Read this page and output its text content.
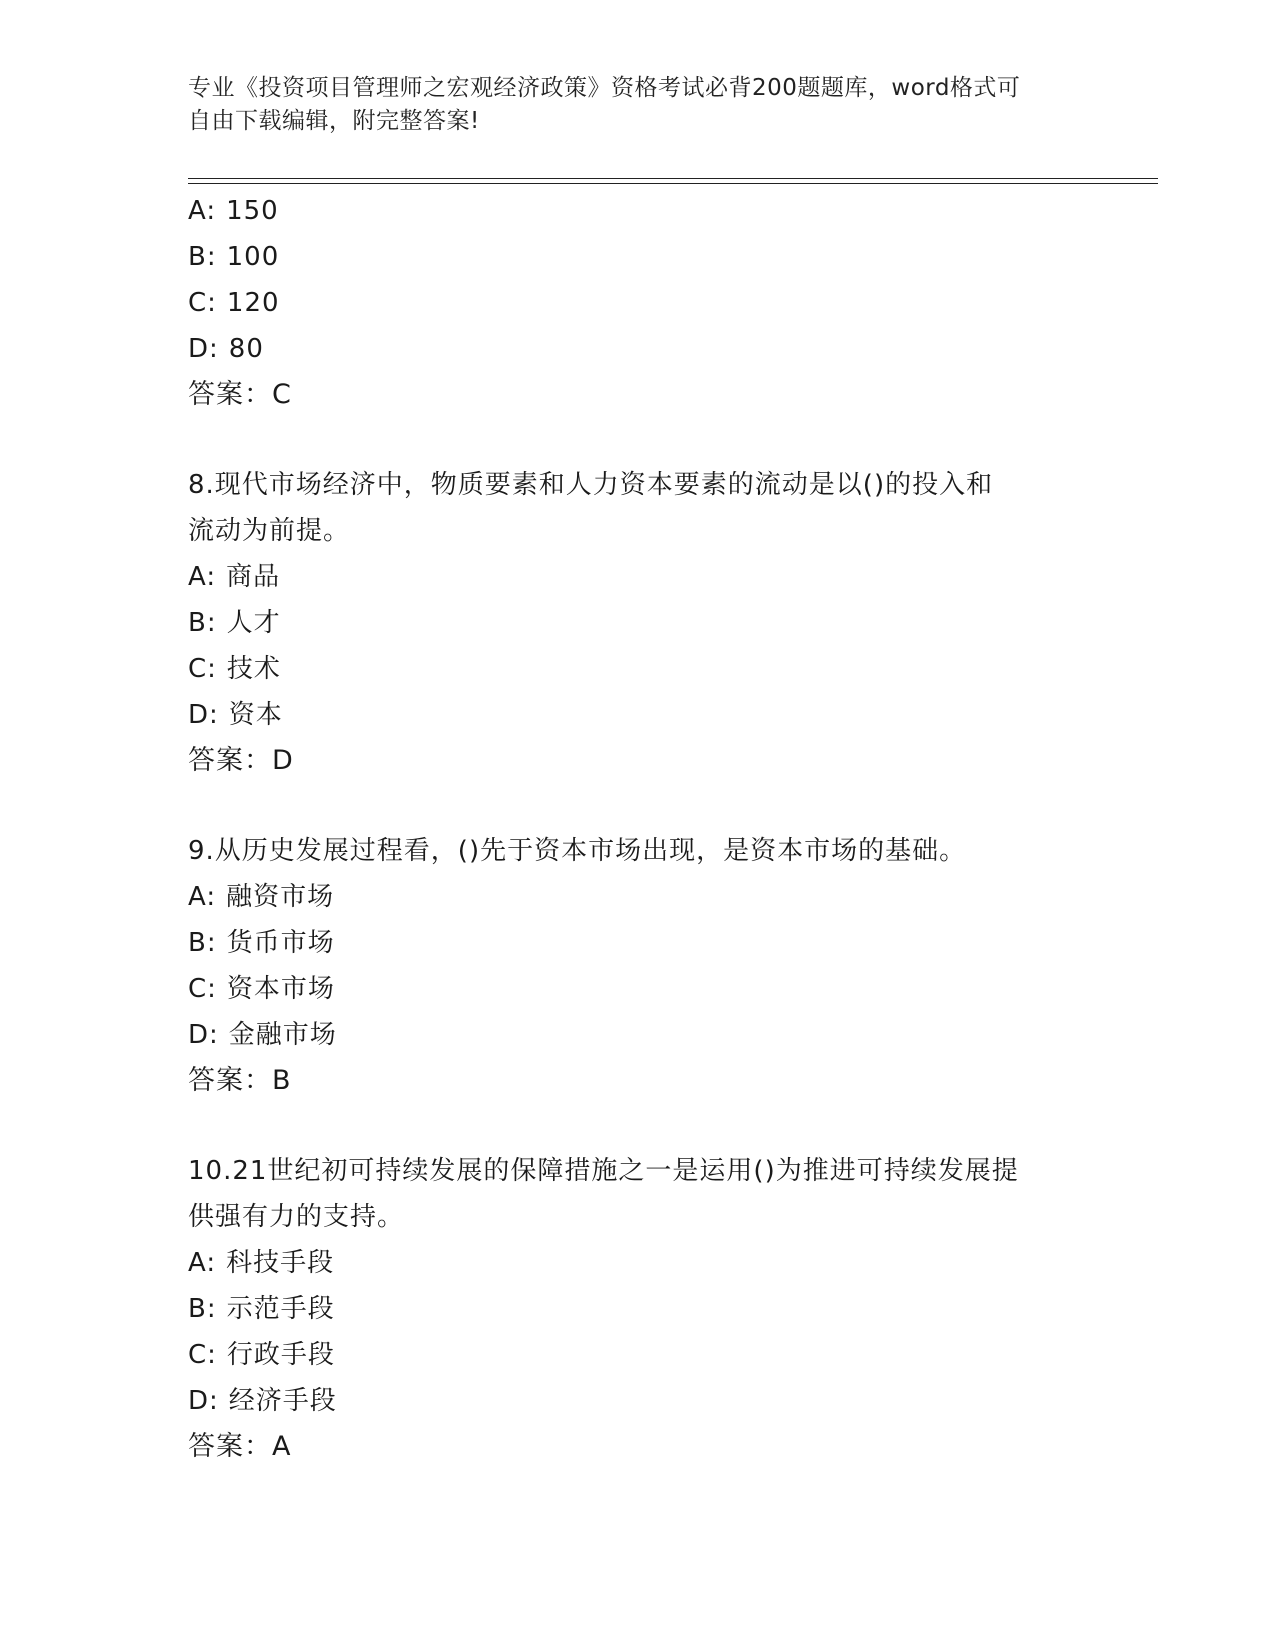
专业《投资项目管理师之宏观经济政策》资格考试必背200题题库，word格式可
自由下载编辑，附完整答案!
A: 150
B: 100
C: 120
D: 80
答案：C
8.现代市场经济中，物质要素和人力资本要素的流动是以()的投入和
流动为前提。
A: 商品
B: 人才
C: 技术
D: 资本
答案：D
9.从历史发展过程看，()先于资本市场出现，是资本市场的基础。
A: 融资市场
B: 货币市场
C: 资本市场
D: 金融市场
答案：B
10.21世纪初可持续发展的保障措施之一是运用()为推进可持续发展提
供强有力的支持。
A: 科技手段
B: 示范手段
C: 行政手段
D: 经济手段
答案：A
